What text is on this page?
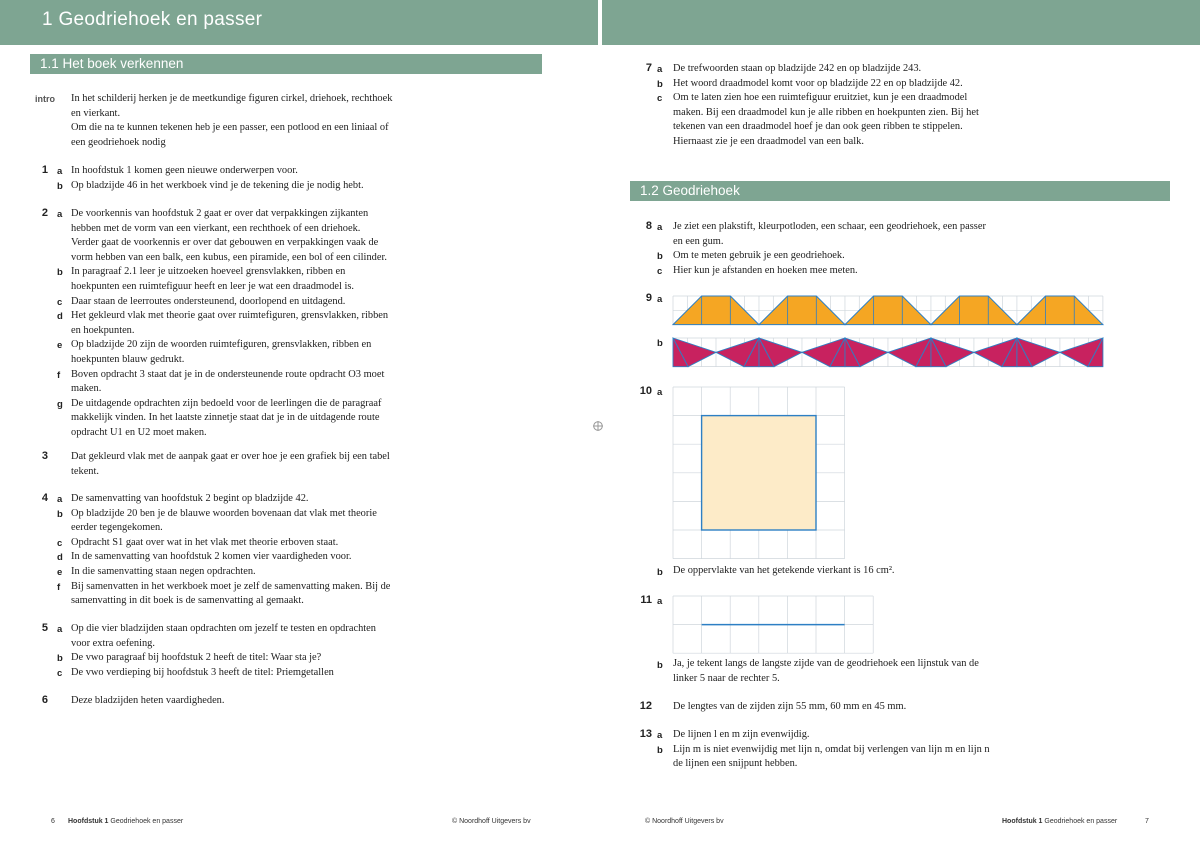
1 Geodriehoek en passer
1.1 Het boek verkennen
intro In het schilderij herken je de meetkundige figuren cirkel, driehoek, rechthoek
en vierkant.
Om die na te kunnen tekenen heb je een passer, een potlood en een liniaal of
een geodriehoek nodig
1 a In hoofdstuk 1 komen geen nieuwe onderwerpen voor.
b Op bladzijde 46 in het werkboek vind je de tekening die je nodig hebt.
2 a De voorkennis van hoofdstuk 2 gaat er over dat verpakkingen zijkanten
hebben met de vorm van een vierkant, een rechthoek of een driehoek.
Verder gaat de voorkennis er over dat gebouwen en verpakkingen vaak de
vorm hebben van een balk, een kubus, een piramide, een bol of een cilinder.
b In paragraaf 2.1 leer je uitzoeken hoeveel grensvlakken, ribben en
hoekpunten een ruimtefiguur heeft en leer je wat een draadmodel is.
c Daar staan de leerroutes ondersteunend, doorlopend en uitdagend.
d Het gekleurd vlak met theorie gaat over ruimtefiguren, grensvlakken, ribben
en hoekpunten.
e Op bladzijde 20 zijn de woorden ruimtefiguren, grensvlakken, ribben en
hoekpunten blauw gedrukt.
f Boven opdracht 3 staat dat je in de ondersteunende route opdracht O3 moet
maken.
g De uitdagende opdrachten zijn bedoeld voor de leerlingen die de paragraaf
makkelijk vinden. In het laatste zinnetje staat dat je in de uitdagende route
opdracht U1 en U2 moet maken.
3 Dat gekleurd vlak met de aanpak gaat er over hoe je een grafiek bij een tabel
tekent.
4 a De samenvatting van hoofdstuk 2 begint op bladzijde 42.
b Op bladzijde 20 ben je de blauwe woorden bovenaan dat vlak met theorie
eerder tegengekomen.
c Opdracht S1 gaat over wat in het vlak met theorie erboven staat.
d In de samenvatting van hoofdstuk 2 komen vier vaardigheden voor.
e In die samenvatting staan negen opdrachten.
f Bij samenvatten in het werkboek moet je zelf de samenvatting maken. Bij de
samenvatting in dit boek is de samenvatting al gemaakt.
5 a Op die vier bladzijden staan opdrachten om jezelf te testen en opdrachten
voor extra oefening.
b De vwo paragraaf bij hoofdstuk 2 heeft de titel: Waar sta je?
c De vwo verdieping bij hoofdstuk 3 heeft de titel: Priemgetallen
6 Deze bladzijden heten vaardigheden.
7 a De trefwoorden staan op bladzijde 242 en op bladzijde 243.
b Het woord draadmodel komt voor op bladzijde 22 en op bladzijde 42.
c Om te laten zien hoe een ruimtefiguur eruitziet, kun je een draadmodel
maken. Bij een draadmodel kun je alle ribben en hoekpunten zien. Bij het
tekenen van een draadmodel hoef je dan ook geen ribben te stippelen.
Hiernaast zie je een draadmodel van een balk.
1.2 Geodriehoek
8 a Je ziet een plakstift, kleurpotloden, een schaar, een geodriehoek, een passer
en een gum.
b Om te meten gebruik je een geodriehoek.
c Hier kun je afstanden en hoeken mee meten.
9 a
b
10 a
b De oppervlakte van het getekende vierkant is 16 cm².
11 a
b Ja, je tekent langs de langste zijde van de geodriehoek een lijnstuk van de
linker 5 naar de rechter 5.
12 De lengtes van de zijden zijn 55 mm, 60 mm en 45 mm.
13 a De lijnen l en m zijn evenwijdig.
b Lijn m is niet evenwijdig met lijn n, omdat bij verlengen van lijn m en lijn n
de lijnen een snijpunt hebben.
6 Hoofdstuk 1 Geodriehoek en passer	© Noordhoff Uitgevers bv	© Noordhoff Uitgevers bv	Hoofdstuk 1 Geodriehoek en passer	7
